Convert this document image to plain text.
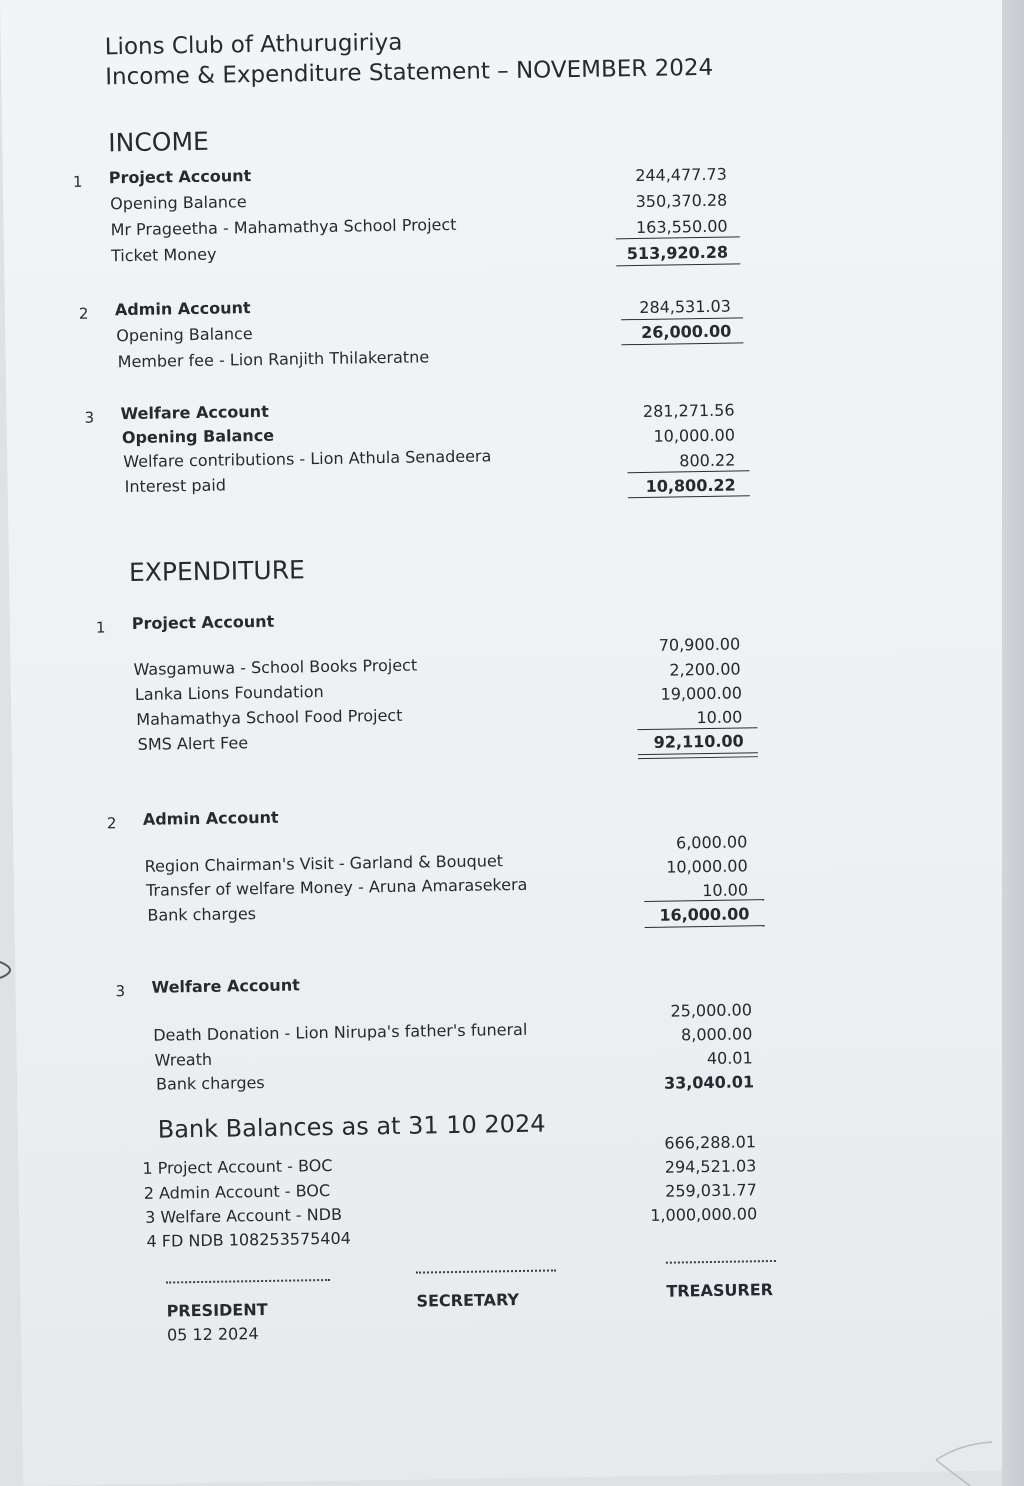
Lions Club of Athurugiriya
Income & Expenditure Statement – NOVEMBER 2024
INCOME
1 Project Account
Opening Balance
Mr Prageetha - Mahamathya School Project
Ticket Money
244,477.73
350,370.28
163,550.00
513,920.28
2 Admin Account
Opening Balance
Member fee - Lion Ranjith Thilakeratne
284,531.03
26,000.00
3 Welfare Account
Opening Balance
Welfare contributions - Lion Athula Senadeera
Interest paid
281,271.56
10,000.00
800.22
10,800.22
EXPENDITURE
1 Project Account
Wasgamuwa - School Books Project
Lanka Lions Foundation
Mahamathya School Food Project
SMS Alert Fee
70,900.00
2,200.00
19,000.00
10.00
92,110.00
2 Admin Account
Region Chairman's Visit - Garland & Bouquet
Transfer of welfare Money - Aruna Amarasekera
Bank charges
6,000.00
10,000.00
10.00
16,000.00
3 Welfare Account
Death Donation - Lion Nirupa's father's funeral
Wreath
Bank charges
25,000.00
8,000.00
40.01
33,040.01
Bank Balances as at 31 10 2024
1 Project Account - BOC
2 Admin Account - BOC
3 Welfare Account - NDB
4 FD NDB 108253575404
666,288.01
294,521.03
259,031.77
1,000,000.00
PRESIDENT
05 12 2024
SECRETARY	TREASURER
